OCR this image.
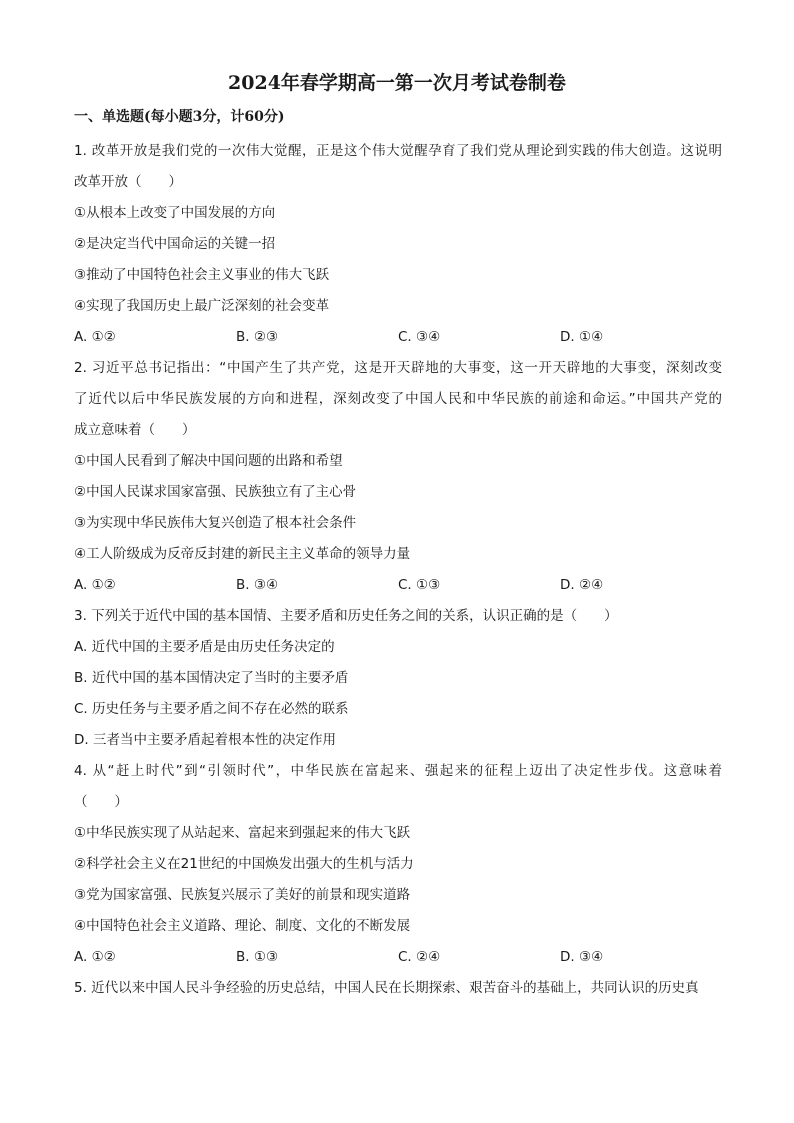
2024年春学期高一第一次月考试卷制卷
一、单选题(每小题3分，计60分)
1. 改革开放是我们党的一次伟大觉醒，正是这个伟大觉醒孕育了我们党从理论到实践的伟大创造。这说明
改革开放（　　）
①从根本上改变了中国发展的方向
②是决定当代中国命运的关键一招
③推动了中国特色社会主义事业的伟大飞跃
④实现了我国历史上最广泛深刻的社会变革
A. ①②	B. ②③	C. ③④	D. ①④
2. 习近平总书记指出：“中国产生了共产党，这是开天辟地的大事变，这一开天辟地的大事变，深刻改变
了近代以后中华民族发展的方向和进程，深刻改变了中国人民和中华民族的前途和命运。”中国共产党的
成立意味着（　　）
①中国人民看到了解决中国问题的出路和希望
②中国人民谋求国家富强、民族独立有了主心骨
③为实现中华民族伟大复兴创造了根本社会条件
④工人阶级成为反帝反封建的新民主主义革命的领导力量
A. ①②	B. ③④	C. ①③	D. ②④
3. 下列关于近代中国的基本国情、主要矛盾和历史任务之间的关系，认识正确的是（　　）
A. 近代中国的主要矛盾是由历史任务决定的
B. 近代中国的基本国情决定了当时的主要矛盾
C. 历史任务与主要矛盾之间不存在必然的联系
D. 三者当中主要矛盾起着根本性的决定作用
4. 从“赶上时代”到“引领时代”，中华民族在富起来、强起来的征程上迈出了决定性步伐。这意味着
（　　）
①中华民族实现了从站起来、富起来到强起来的伟大飞跃
②科学社会主义在21世纪的中国焕发出强大的生机与活力
③党为国家富强、民族复兴展示了美好的前景和现实道路
④中国特色社会主义道路、理论、制度、文化的不断发展
A. ①②	B. ①③	C. ②④	D. ③④
5. 近代以来中国人民斗争经验的历史总结，中国人民在长期探索、艰苦奋斗的基础上，共同认识的历史真
